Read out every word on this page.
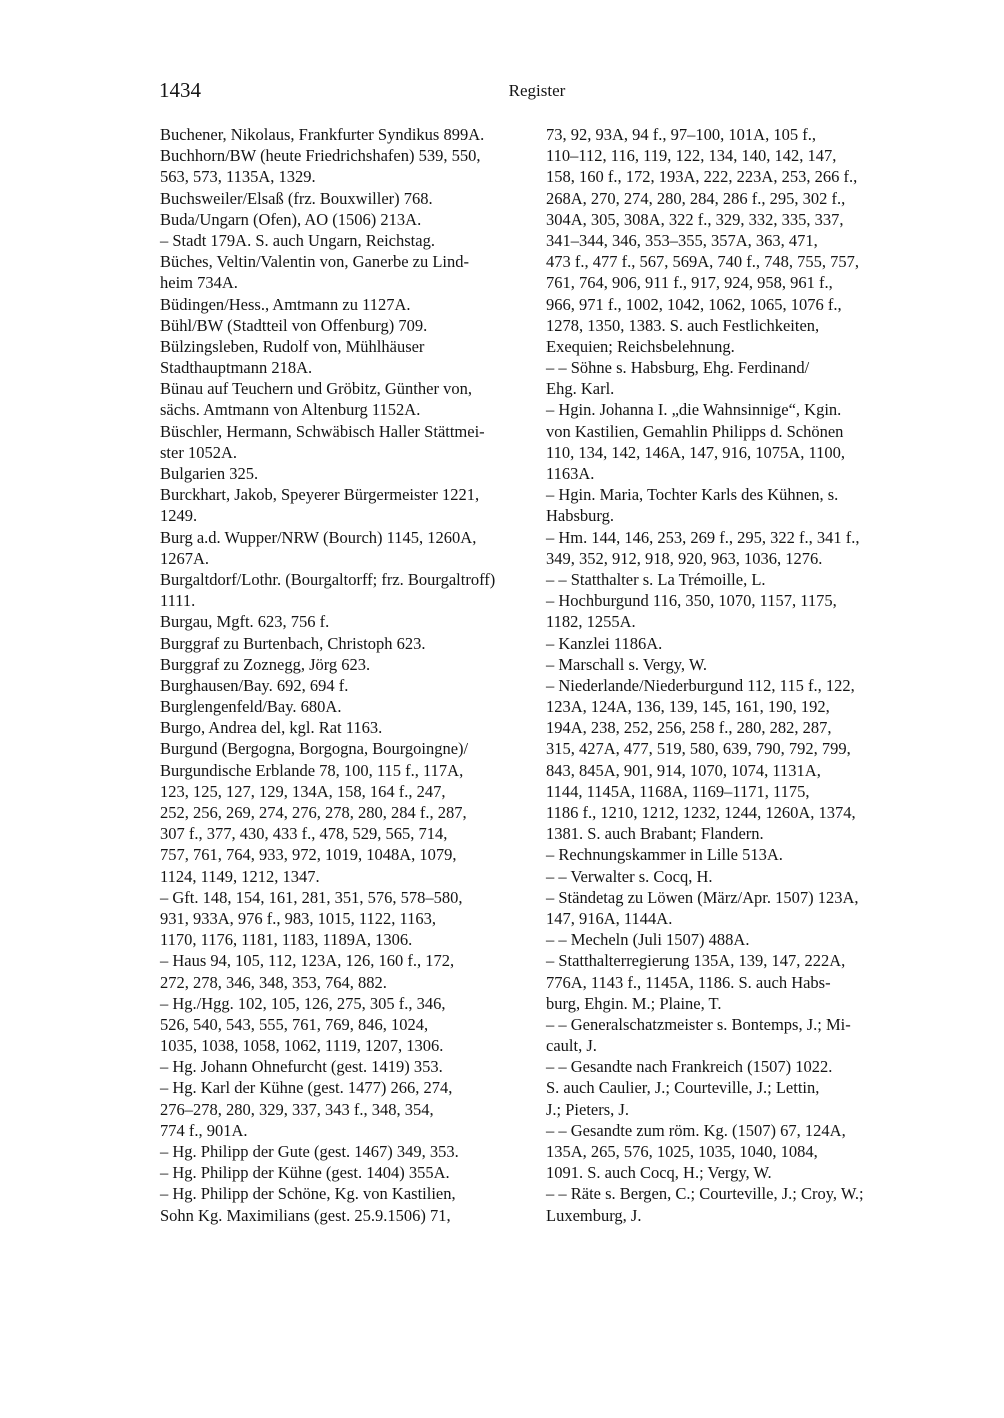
1434	Register
Buchener, Nikolaus, Frankfurter Syndikus 899A.
Buchhorn/BW (heute Friedrichshafen) 539, 550,
563, 573, 1135A, 1329.
Buchsweiler/Elsaß (frz. Bouxwiller) 768.
Buda/Ungarn (Ofen), AO (1506) 213A.
– Stadt 179A. S. auch Ungarn, Reichstag.
Büches, Veltin/Valentin von, Ganerbe zu Lind-
heim 734A.
Büdingen/Hess., Amtmann zu 1127A.
Bühl/BW (Stadtteil von Offenburg) 709.
Bülzingsleben, Rudolf von, Mühlhäuser
Stadthauptmann 218A.
Bünau auf Teuchern und Gröbitz, Günther von,
sächs. Amtmann von Altenburg 1152A.
Büschler, Hermann, Schwäbisch Haller Stättmei-
ster 1052A.
Bulgarien 325.
Burckhart, Jakob, Speyerer Bürgermeister 1221,
1249.
Burg a.d. Wupper/NRW (Bourch) 1145, 1260A,
1267A.
Burgaltdorf/Lothr. (Bourgaltorff; frz. Bourgaltroff)
1111.
Burgau, Mgft. 623, 756 f.
Burggraf zu Burtenbach, Christoph 623.
Burggraf zu Zoznegg, Jörg 623.
Burghausen/Bay. 692, 694 f.
Burglengenfeld/Bay. 680A.
Burgo, Andrea del, kgl. Rat 1163.
Burgund (Bergogna, Borgogna, Bourgoingne)/
Burgundische Erblande 78, 100, 115 f., 117A,
123, 125, 127, 129, 134A, 158, 164 f., 247,
252, 256, 269, 274, 276, 278, 280, 284 f., 287,
307 f., 377, 430, 433 f., 478, 529, 565, 714,
757, 761, 764, 933, 972, 1019, 1048A, 1079,
1124, 1149, 1212, 1347.
– Gft. 148, 154, 161, 281, 351, 576, 578–580,
931, 933A, 976 f., 983, 1015, 1122, 1163,
1170, 1176, 1181, 1183, 1189A, 1306.
– Haus 94, 105, 112, 123A, 126, 160 f., 172,
272, 278, 346, 348, 353, 764, 882.
– Hg./Hgg. 102, 105, 126, 275, 305 f., 346,
526, 540, 543, 555, 761, 769, 846, 1024,
1035, 1038, 1058, 1062, 1119, 1207, 1306.
– Hg. Johann Ohnefurcht (gest. 1419) 353.
– Hg. Karl der Kühne (gest. 1477) 266, 274,
276–278, 280, 329, 337, 343 f., 348, 354,
774 f., 901A.
– Hg. Philipp der Gute (gest. 1467) 349, 353.
– Hg. Philipp der Kühne (gest. 1404) 355A.
– Hg. Philipp der Schöne, Kg. von Kastilien,
Sohn Kg. Maximilians (gest. 25.9.1506) 71,
73, 92, 93A, 94 f., 97–100, 101A, 105 f.,
110–112, 116, 119, 122, 134, 140, 142, 147,
158, 160 f., 172, 193A, 222, 223A, 253, 266 f.,
268A, 270, 274, 280, 284, 286 f., 295, 302 f.,
304A, 305, 308A, 322 f., 329, 332, 335, 337,
341–344, 346, 353–355, 357A, 363, 471,
473 f., 477 f., 567, 569A, 740 f., 748, 755, 757,
761, 764, 906, 911 f., 917, 924, 958, 961 f.,
966, 971 f., 1002, 1042, 1062, 1065, 1076 f.,
1278, 1350, 1383. S. auch Festlichkeiten,
Exequien; Reichsbelehnung.
– – Söhne s. Habsburg, Ehg. Ferdinand/
Ehg. Karl.
– Hgin. Johanna I. „die Wahnsinnige“, Kgin.
von Kastilien, Gemahlin Philipps d. Schönen
110, 134, 142, 146A, 147, 916, 1075A, 1100,
1163A.
– Hgin. Maria, Tochter Karls des Kühnen, s.
Habsburg.
– Hm. 144, 146, 253, 269 f., 295, 322 f., 341 f.,
349, 352, 912, 918, 920, 963, 1036, 1276.
– – Statthalter s. La Trémoille, L.
– Hochburgund 116, 350, 1070, 1157, 1175,
1182, 1255A.
– Kanzlei 1186A.
– Marschall s. Vergy, W.
– Niederlande/Niederburgund 112, 115 f., 122,
123A, 124A, 136, 139, 145, 161, 190, 192,
194A, 238, 252, 256, 258 f., 280, 282, 287,
315, 427A, 477, 519, 580, 639, 790, 792, 799,
843, 845A, 901, 914, 1070, 1074, 1131A,
1144, 1145A, 1168A, 1169–1171, 1175,
1186 f., 1210, 1212, 1232, 1244, 1260A, 1374,
1381. S. auch Brabant; Flandern.
– Rechnungskammer in Lille 513A.
– – Verwalter s. Cocq, H.
– Ständetag zu Löwen (März/Apr. 1507) 123A,
147, 916A, 1144A.
– – Mecheln (Juli 1507) 488A.
– Statthalterregierung 135A, 139, 147, 222A,
776A, 1143 f., 1145A, 1186. S. auch Habs-
burg, Ehgin. M.; Plaine, T.
– – Generalschatzmeister s. Bontemps, J.; Mi-
cault, J.
– – Gesandte nach Frankreich (1507) 1022.
S. auch Caulier, J.; Courteville, J.; Lettin,
J.; Pieters, J.
– – Gesandte zum röm. Kg. (1507) 67, 124A,
135A, 265, 576, 1025, 1035, 1040, 1084,
1091. S. auch Cocq, H.; Vergy, W.
– – Räte s. Bergen, C.; Courteville, J.; Croy, W.;
Luxemburg, J.
